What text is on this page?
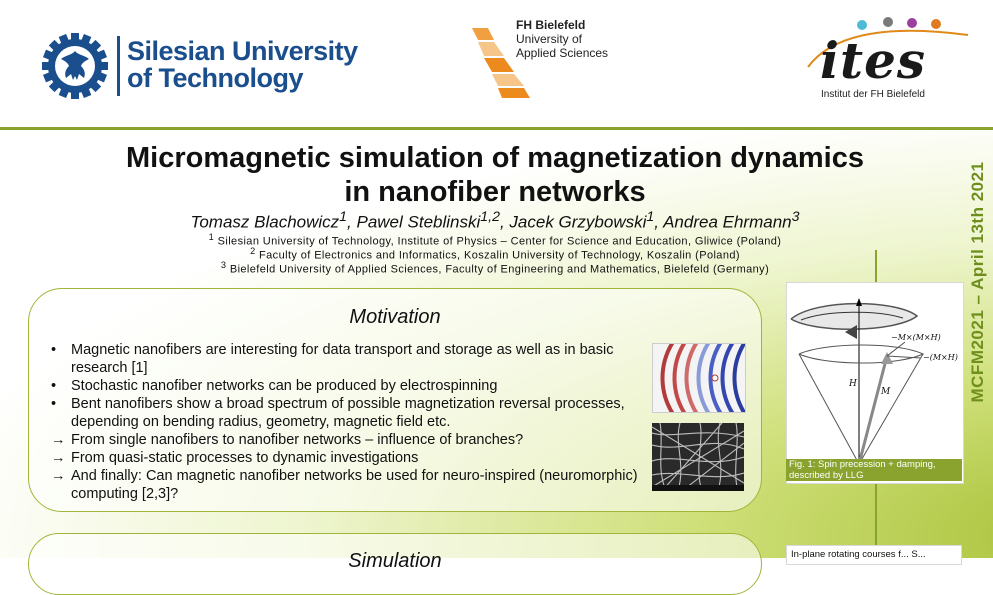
Silesian University
of Technology
FH Bielefeld
University of
Applied Sciences	ites
Institut der FH Bielefeld
Micromagnetic simulation of magnetization dynamics
in nanofiber networks
Tomasz Blachowicz$^1$, Pawel Steblinski$^{1,2}$, Jacek Grzybowski$^1$, Andrea Ehrmann$^3$
$^1$ Silesian University of Technology, Institute of Physics – Center for Science and Education, Gliwice (Poland)
$^2$ Faculty of Electronics and Informatics, Koszalin University of Technology, Koszalin (Poland)
$^3$ Bielefeld University of Applied Sciences, Faculty of Engineering and Mathematics, Bielefeld (Germany)	MCFM2021 – April 13th 2021
Motivation
•	Magnetic nanofibers are interesting for data transport and storage as well as in basic research [1]
•	Stochastic nanofiber networks can be produced by electrospinning
•	Bent nanofibers show a broad spectrum of possible magnetization reversal processes, depending on bending radius, geometry, magnetic field etc.
→ From single nanofibers to nanofiber networks – influence of branches?
→ From quasi-static processes to dynamic investigations
→ And finally: Can magnetic nanofiber networks be used for neuro-inspired (neuromorphic) computing [2,3]?
Simulation
−M×(M×H)
−(M×H)
H
M
Fig. 1: Spin precession + damping, described by LLG
In-plane rotating courses f... S...
